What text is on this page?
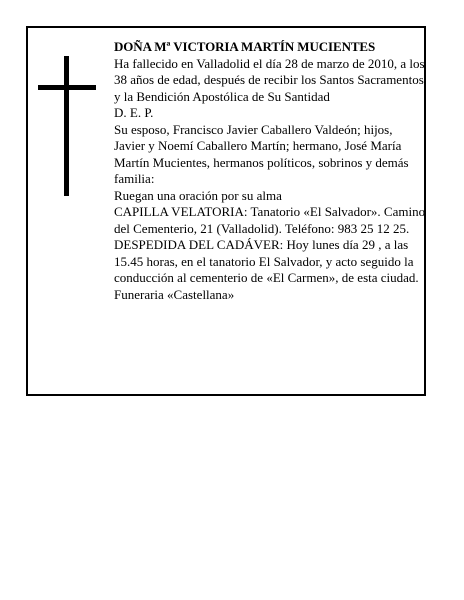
DOÑA Mª VICTORIA MARTÍN MUCIENTES

Ha fallecido en Valladolid el día 28 de marzo de 2010, a los 38 años de edad, después de recibir los Santos Sacramentos y la Bendición Apostólica de Su Santidad

D. E. P.

Su esposo, Francisco Javier Caballero Valdeón; hijos, Javier y Noemí Caballero Martín; hermano, José María Martín Mucientes, hermanos políticos, sobrinos y demás familia:

Ruegan una oración por su alma

CAPILLA VELATORIA: Tanatorio «El Salvador». Camino del Cementerio, 21 (Valladolid). Teléfono: 983 25 12 25.

DESPEDIDA DEL CADÁVER: Hoy lunes día 29 , a las 15.45 horas, en el tanatorio El Salvador, y acto seguido la conducción al cementerio de «El Carmen», de esta ciudad.

Funeraria «Castellana»
